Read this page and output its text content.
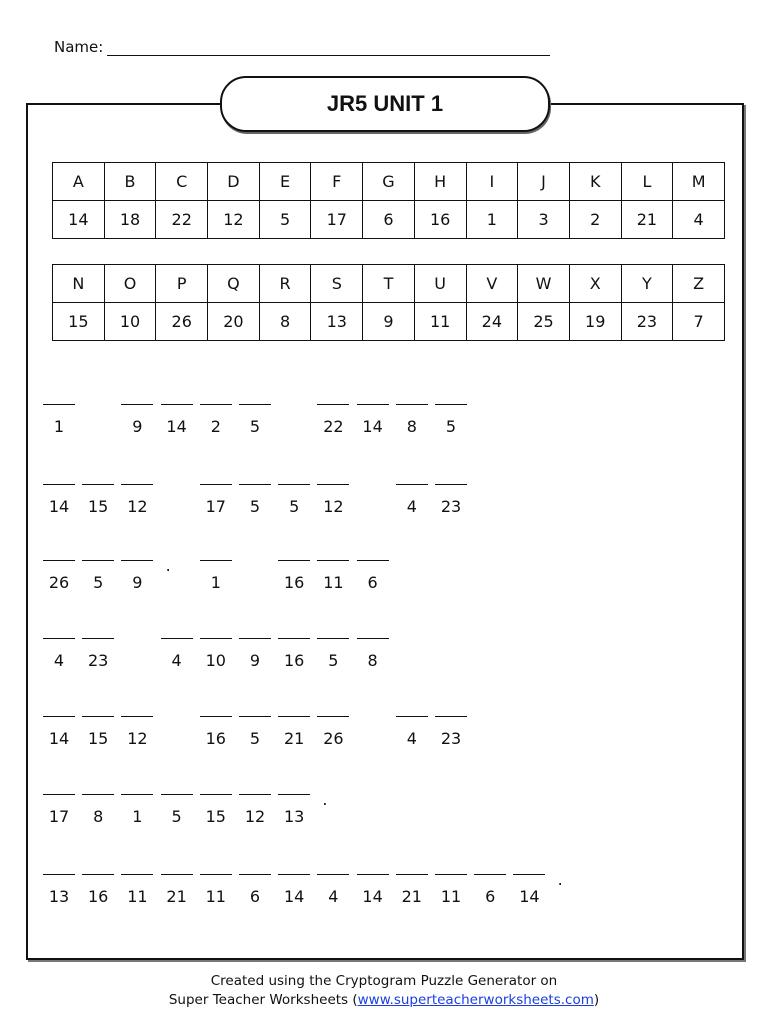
Name:
JR5 UNIT 1
A	B	C	D	E	F	G	H	I	J	K	L	M
14	18	22	12	5	17	6	16	1	3	2	21	4
N	O	P	Q	R	S	T	U	V	W	X	Y	Z
15	10	26	20	8	13	9	11	24	25	19	23	7
1	9	14	2	5	22	14	8	5
14	15	12	17	5	5	12	4	23
26	5	9
.
1	16	11	6
4	23	4	10	9	16	5	8
14	15	12	16	5	21	26	4	23
17	8	1	5	15	12	13
.
13	16	11	21	11	6	14	4	14	21	11	6	14
.
Created using the Cryptogram Puzzle Generator on
Super Teacher Worksheets (www.superteacherworksheets.com)
